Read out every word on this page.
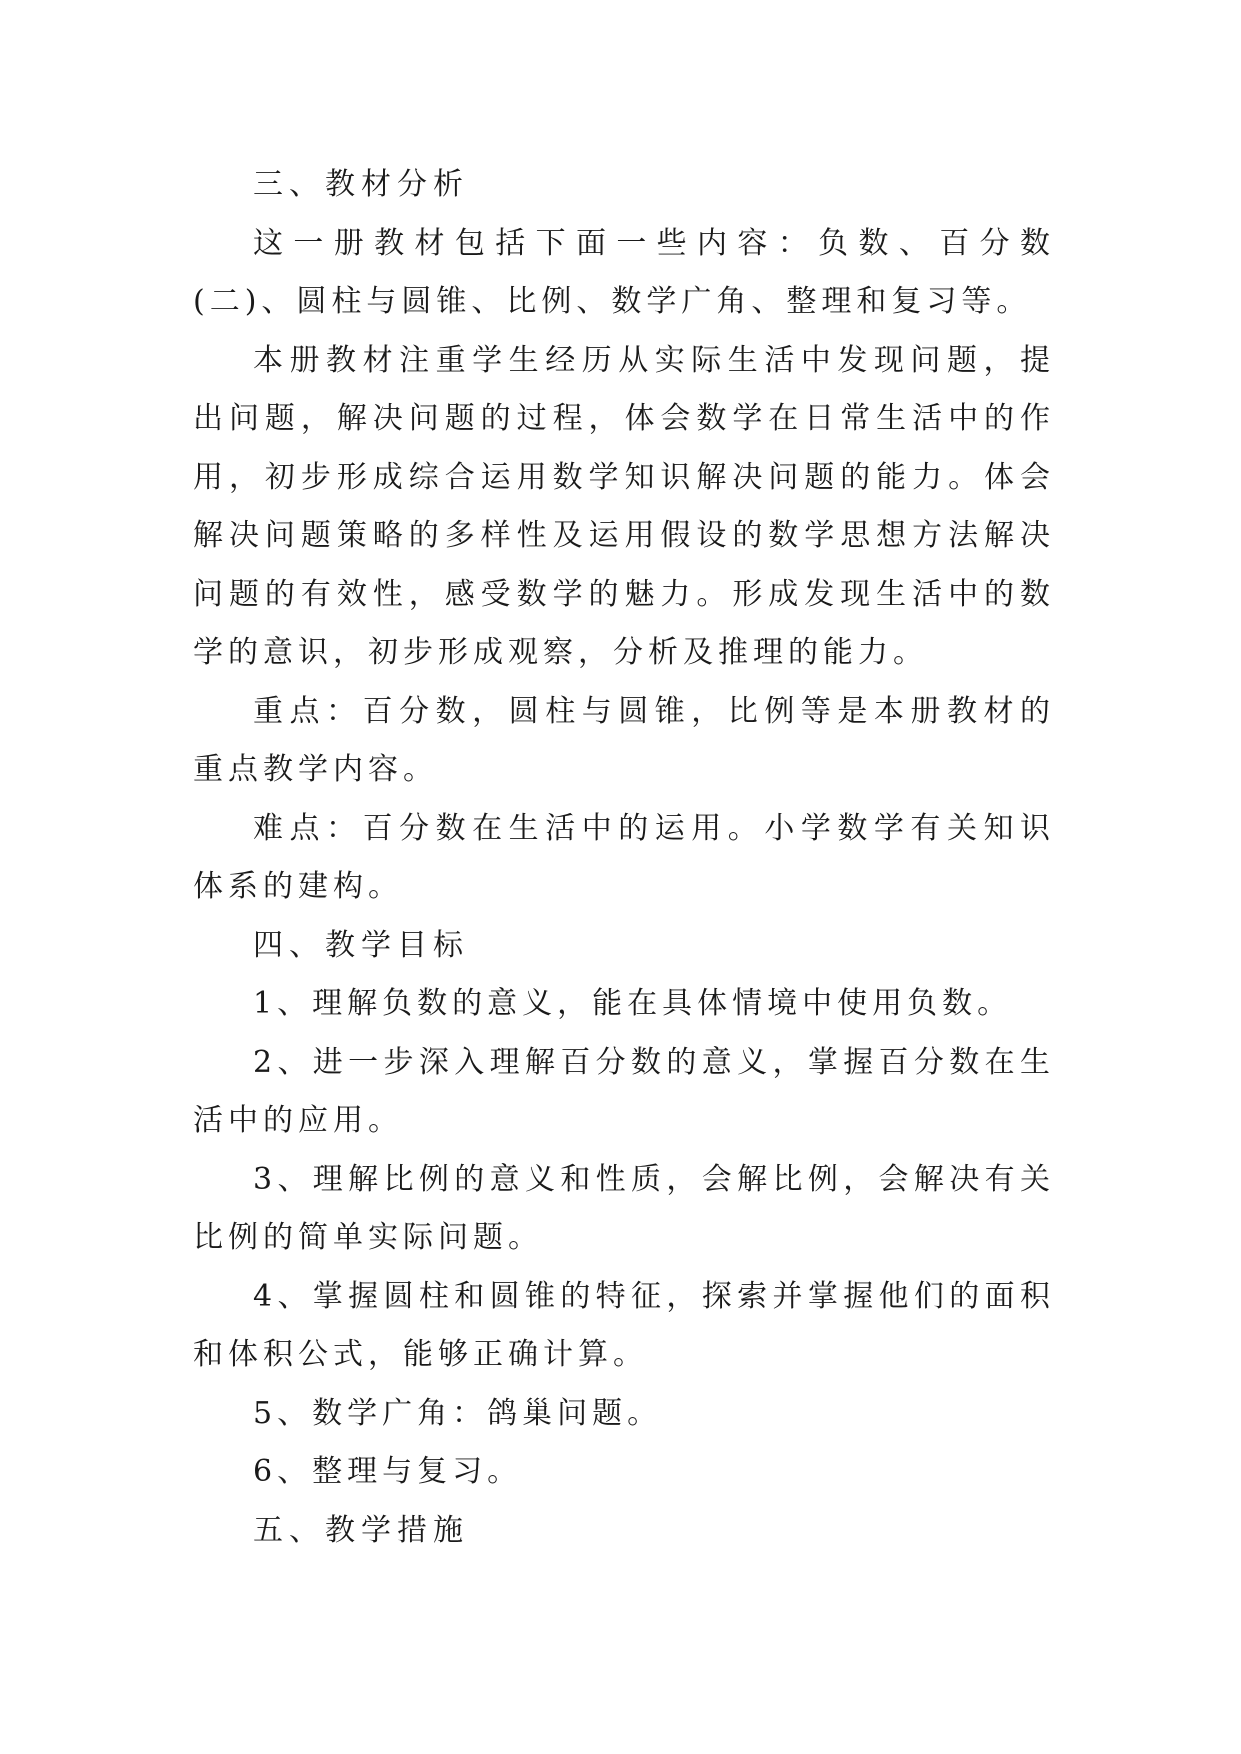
三、教材分析

这一册教材包括下面一些内容：负数、百分数(二)、圆柱与圆锥、比例、数学广角、整理和复习等。

本册教材注重学生经历从实际生活中发现问题，提出问题，解决问题的过程，体会数学在日常生活中的作用，初步形成综合运用数学知识解决问题的能力。体会解决问题策略的多样性及运用假设的数学思想方法解决问题的有效性，感受数学的魅力。形成发现生活中的数学的意识，初步形成观察，分析及推理的能力。

重点：百分数，圆柱与圆锥，比例等是本册教材的重点教学内容。

难点：百分数在生活中的运用。小学数学有关知识体系的建构。

四、教学目标

1、理解负数的意义，能在具体情境中使用负数。

2、进一步深入理解百分数的意义，掌握百分数在生活中的应用。

3、理解比例的意义和性质，会解比例，会解决有关比例的简单实际问题。

4、掌握圆柱和圆锥的特征，探索并掌握他们的面积和体积公式，能够正确计算。

5、数学广角：鸽巢问题。

6、整理与复习。

五、教学措施
